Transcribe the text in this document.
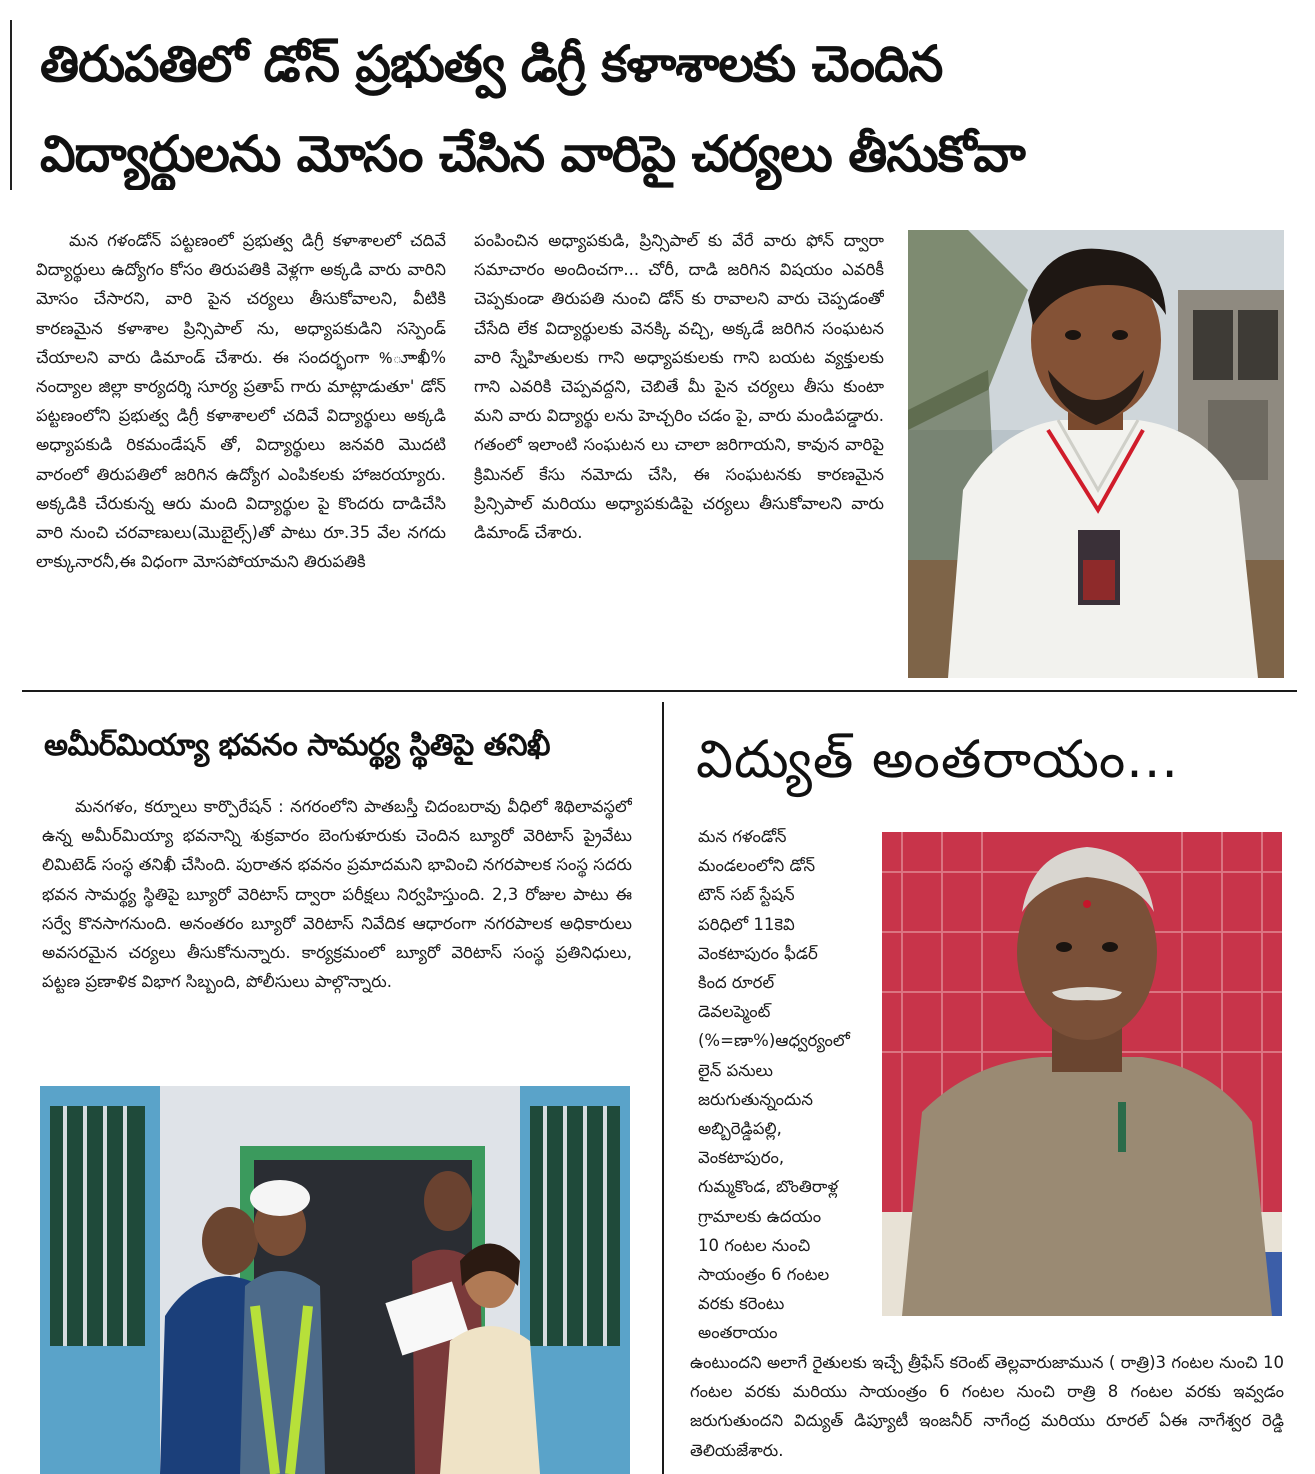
తిరుపతిలో డోన్ ప్రభుత్వ డిగ్రీ కళాశాలకు చెందిన
విద్యార్థులను మోసం చేసిన వారిపై చర్యలు తీసుకోవా

మన గళండోన్ పట్టణంలో ప్రభుత్వ డిగ్రీ కళాశాలలో చదివే విద్యార్థులు ఉద్యోగం కోసం తిరుపతికి వెళ్లగా అక్కడి వారు వారిని మోసం చేసారని, వారి పైన చర్యలు తీసుకోవాలని, వీటికి కారణమైన కళాశాల ప్రిన్సిపాల్ ను, అధ్యాపకుడిని సస్పెండ్ చేయాలని వారు డిమాండ్ చేశారు. ఈ సందర్భంగా %ూాఖీ% నంద్యాల జిల్లా కార్యదర్శి సూర్య ప్రతాప్ గారు మాట్లాడుతూ' డోన్ పట్టణంలోని ప్రభుత్వ డిగ్రీ కళాశాలలో చదివే విద్యార్థులు అక్కడి అధ్యాపకుడి రికమండేషన్ తో, విద్యార్థులు జనవరి మొదటి వారంలో తిరుపతిలో జరిగిన ఉద్యోగ ఎంపికలకు హాజరయ్యారు. అక్కడికి చేరుకున్న ఆరు మంది విద్యార్థుల పై కొందరు దాడిచేసి వారి నుంచి చరవాణులు(మొబైల్స్)తో పాటు రూ.35 వేల నగదు లాక్కునారనీ,ఈ విధంగా మోసపోయామని తిరుపతికి

పంపించిన అధ్యాపకుడి, ప్రిన్సిపాల్ కు వేరే వారు ఫోన్ ద్వారా సమాచారం అందించగా... చోరీ, దాడి జరిగిన విషయం ఎవరికీ చెప్పకుండా తిరుపతి నుంచి డోన్ కు రావాలని వారు చెప్పడంతో చేసేది లేక విద్యార్థులకు వెనక్కి వచ్చి, అక్కడే జరిగిన సంఘటన వారి స్నేహితులకు గాని అధ్యాపకులకు గాని బయట వ్యక్తులకు గాని ఎవరికి చెప్పవద్దని, చెబితే మీ పైన చర్యలు తీసు కుంటా మని వారు విద్యార్థు లను హెచ్చరిం చడం పై, వారు మండిపడ్డారు. గతంలో ఇలాంటి సంఘటన లు చాలా జరిగాయని, కావున వారిపై క్రిమినల్ కేసు నమోదు చేసి, ఈ సంఘటనకు కారణమైన ప్రిన్సిపాల్ మరియు అధ్యాపకుడిపై చర్యలు తీసుకోవాలని వారు డిమాండ్ చేశారు.

అమీర్‌మియ్యా భవనం సామర్థ్య స్థితిపై తనిఖీ

మనగళం, కర్నూలు కార్పొరేషన్ : నగరంలోని పాతబస్తీ చిదంబరావు వీధిలో శిథిలావస్థలో ఉన్న అమీర్‌మియ్యా భవనాన్ని శుక్రవారం బెంగుళూరుకు చెందిన బ్యూరో వెరిటాస్ ప్రైవేటు లిమిటెడ్ సంస్థ తనిఖీ చేసింది. పురాతన భవనం ప్రమాదమని భావించి నగరపాలక సంస్థ సదరు భవన సామర్థ్య స్థితిపై బ్యూరో వెరిటాస్ ద్వారా పరీక్షలు నిర్వహిస్తుంది. 2,3 రోజుల పాటు ఈ సర్వే కొనసాగనుంది. అనంతరం బ్యూరో వెరిటాస్ నివేదిక ఆధారంగా నగరపాలక అధికారులు అవసరమైన చర్యలు తీసుకోనున్నారు. కార్యక్రమంలో బ్యూరో వెరిటాస్ సంస్థ ప్రతినిధులు, పట్టణ ప్రణాళిక విభాగ సిబ్బంది, పోలీసులు పాల్గొన్నారు.

విద్యుత్ అంతరాయం...
మన గళండోన్
మండలంలోని డోన్
టౌన్ సబ్ స్టేషన్
పరిధిలో 11కెవి
వెంకటాపురం ఫీడర్
కింద రూరల్
డెవలప్మెంట్
(%=ణా%)ఆధ్వర్యంలో
లైన్ పనులు
జరుగుతున్నందున
అబ్బిరెడ్డిపల్లి,
వెంకటాపురం,
గుమ్మకొండ, బొంతిరాళ్ల
గ్రామాలకు ఉదయం
10 గంటల నుంచి
సాయంత్రం 6 గంటల
వరకు కరెంటు
అంతరాయం

ఉంటుందని అలాగే రైతులకు ఇచ్చే త్రీఫేస్ కరెంట్ తెల్లవారుజామున ( రాత్రి)3 గంటల నుంచి 10 గంటల వరకు మరియు సాయంత్రం 6 గంటల నుంచి రాత్రి 8 గంటల వరకు ఇవ్వడం జరుగుతుందని విద్యుత్ డిప్యూటీ ఇంజనీర్ నాగేంద్ర మరియు రూరల్ ఏఈ నాగేశ్వర రెడ్డి తెలియజేశారు.
